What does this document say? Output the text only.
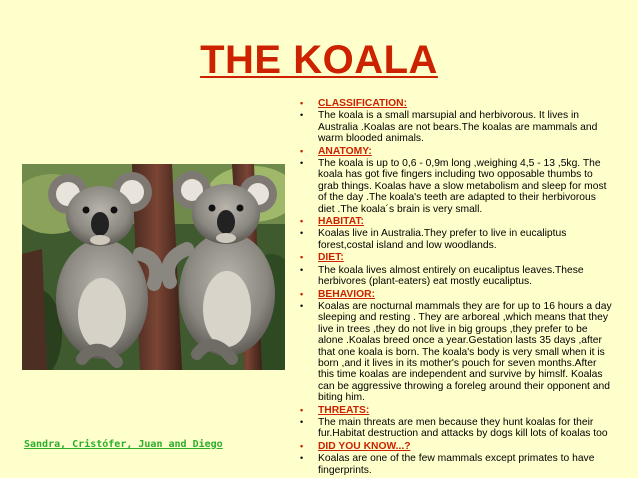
THE KOALA
Sandra, Cristófer, Juan and Diego
• CLASSIFICATION:
• The koala is a small marsupial and herbivorous. It lives in Australia .Koalas are not bears.The koalas are mammals and warm blooded animals.
• ANATOMY:
• The koala is up to 0,6 - 0,9m long ,weighing 4,5 - 13 ,5kg. The koala has got five fingers including two opposable thumbs to grab things. Koalas have a slow metabolism and sleep for most of the day .The koala's teeth are adapted to their herbivorous diet .The koala´s brain is very small.
• HABITAT:
• Koalas live in Australia.They prefer to live in eucaliptus forest,costal island and low woodlands.
• DIET:
• The koala lives almost entirely on eucaliptus leaves.These herbivores (plant-eaters) eat mostly eucaliptus.
• BEHAVIOR:
• Koalas are nocturnal mammals they are for up to 16 hours a day sleeping and resting . They are arboreal ,which means that they live in trees ,they do not live in big groups ,they prefer to be alone .Koalas breed once a year.Gestation lasts 35 days ,after that one koala is born. The koala's body is very small when it is born ,and it lives in its mother's pouch for seven months.After this time koalas are independent and survive by himslf. Koalas can be aggressive throwing a foreleg around their opponent and biting him.
• THREATS:
• The main threats are men because they hunt koalas for their fur.Habitat destruction and attacks by dogs kill lots of koalas too
• DID YOU KNOW...?
• Koalas are one of the few mammals except primates to have fingerprints.
